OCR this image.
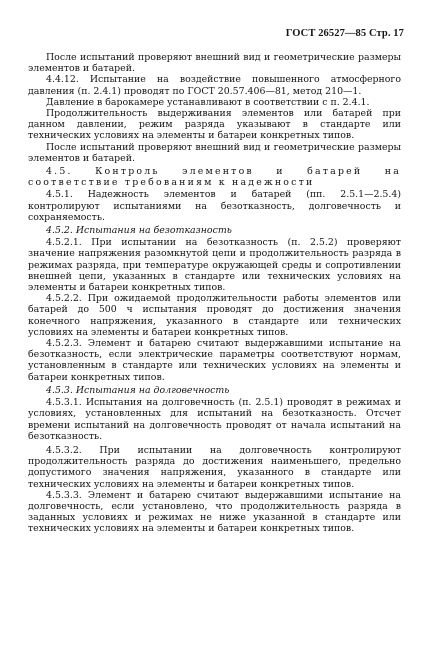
ГОСТ 26527—85 Стр. 17

После испытаний проверяют внешний вид и геометрические размеры элементов и батарей.

4.4.12. Испытание на воздействие повышенного атмосферного давления (п. 2.4.1) проводят по ГОСТ 20.57.406—81, метод 210—1.

Давление в барокамере устанавливают в соответствии с п. 2.4.1.

Продолжительность выдерживания элементов или батарей при данном давлении, режим разряда указывают в стандарте или технических условиях на элементы и батареи конкретных типов.

После испытаний проверяют внешний вид и геометрические размеры элементов и батарей.

4.5. Контроль элементов и батарей на соответствие требованиям к надежности

4.5.1. Надежность элементов и батарей (пп. 2.5.1—2.5.4) контролируют испытаниями на безотказность, долговечность и сохраняемость.

4.5.2. Испытания на безотказность

4.5.2.1. При испытании на безотказность (п. 2.5.2) проверяют значение напряжения разомкнутой цепи и продолжительность разряда в режимах разряда, при температуре окружающей среды и сопротивлении внешней цепи, указанных в стандарте или технических условиях на элементы и батареи конкретных типов.

4.5.2.2. При ожидаемой продолжительности работы элементов или батарей до 500 ч испытания проводят до достижения значения конечного напряжения, указанного в стандарте или технических условиях на элементы и батареи конкретных типов.

4.5.2.3. Элемент и батарею считают выдержавшими испытание на безотказность, если электрические параметры соответствуют нормам, установленным в стандарте или технических условиях на элементы и батареи конкретных типов.

4.5.3. Испытания на долговечность

4.5.3.1. Испытания на долговечность (п. 2.5.1) проводят в режимах и условиях, установленных для испытаний на безотказность. Отсчет времени испытаний на долговечность проводят от начала испытаний на безотказность.

4.5.3.2. При испытании на долговечность контролируют продолжительность разряда до достижения наименьшего, предельно допустимого значения напряжения, указанного в стандарте или технических условиях на элементы и батареи конкретных типов.

4.5.3.3. Элемент и батарею считают выдержавшими испытание на долговечность, если установлено, что продолжительность разряда в заданных условиях и режимах не ниже указанной в стандарте или технических условиях на элементы и батареи конкретных типов.
